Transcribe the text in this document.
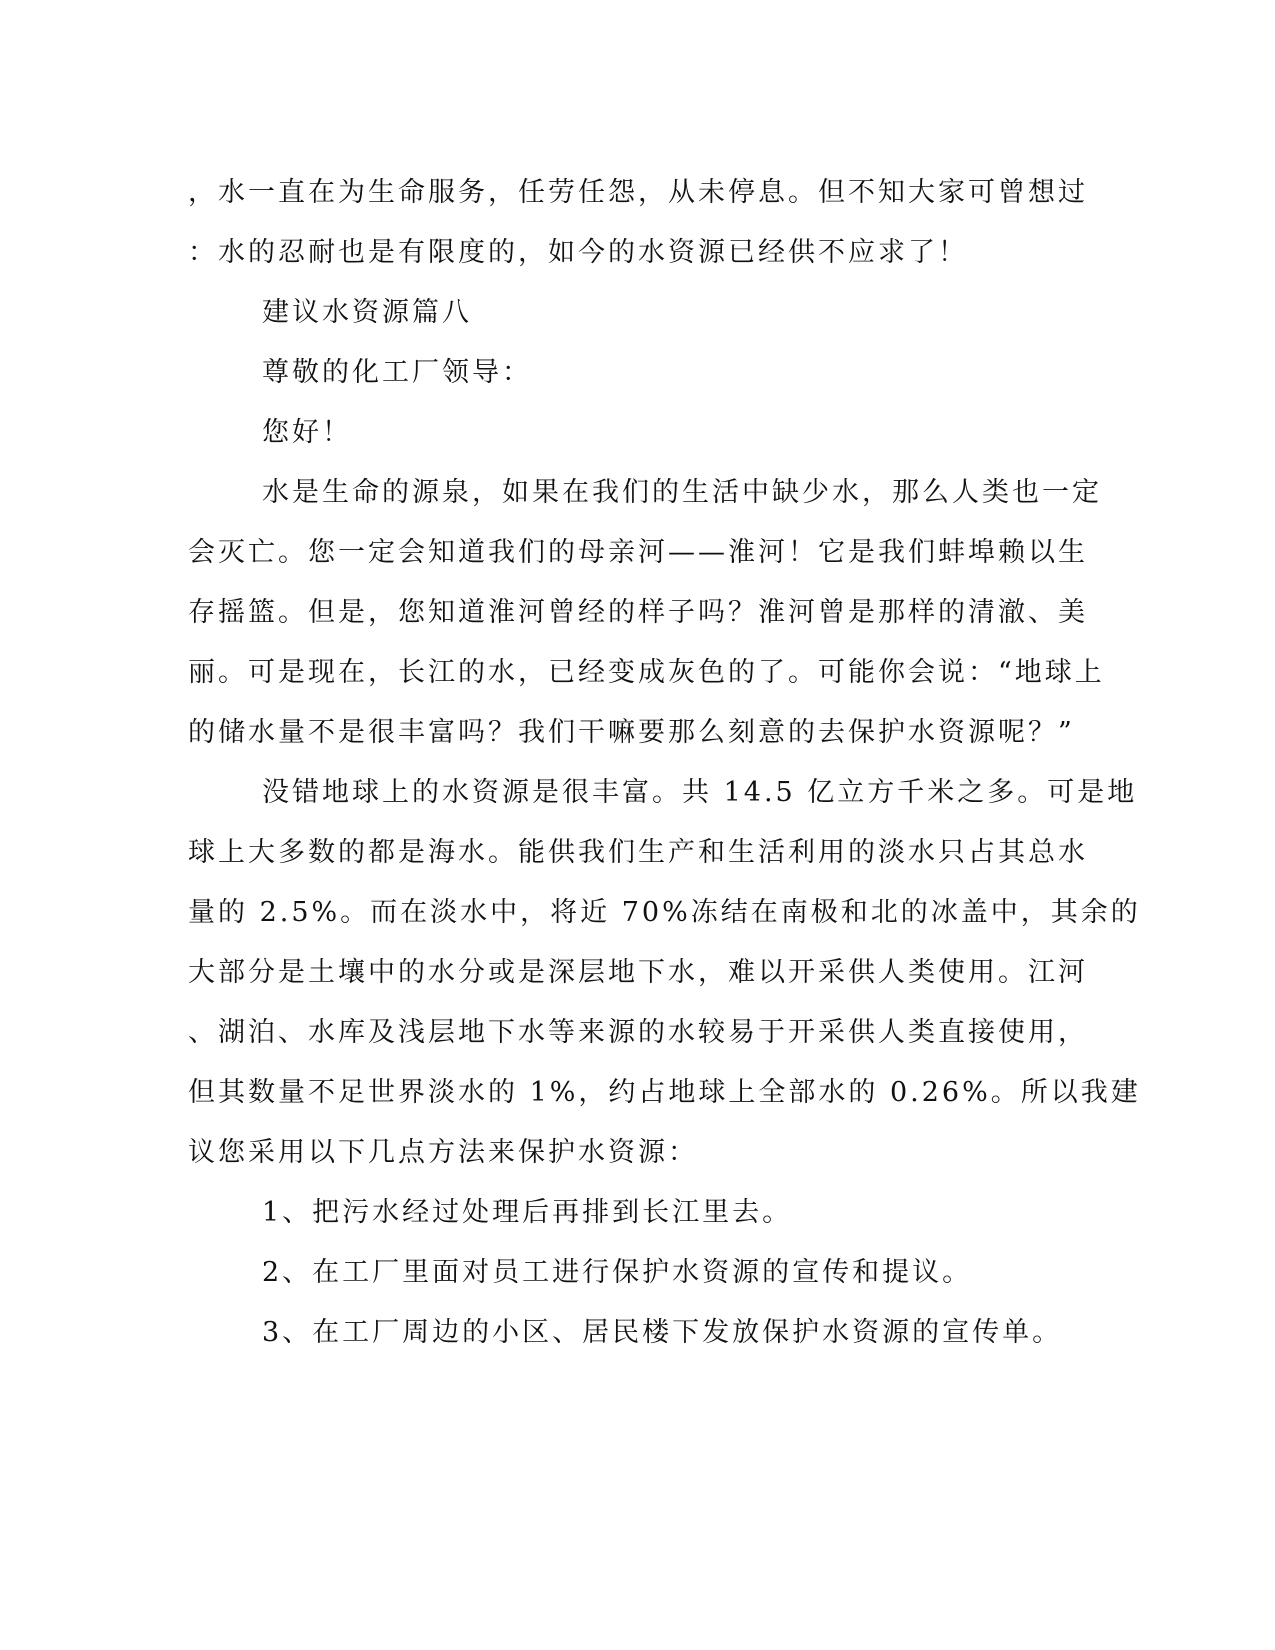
，水一直在为生命服务，任劳任怨，从未停息。但不知大家可曾想过
：水的忍耐也是有限度的，如今的水资源已经供不应求了！
建议水资源篇八
尊敬的化工厂领导：
您好！
水是生命的源泉，如果在我们的生活中缺少水，那么人类也一定
会灭亡。您一定会知道我们的母亲河——淮河！它是我们蚌埠赖以生
存摇篮。但是，您知道淮河曾经的样子吗？淮河曾是那样的清澈、美
丽。可是现在，长江的水，已经变成灰色的了。可能你会说：“地球上
的储水量不是很丰富吗？我们干嘛要那么刻意的去保护水资源呢？”
没错地球上的水资源是很丰富。共 14.5 亿立方千米之多。可是地
球上大多数的都是海水。能供我们生产和生活利用的淡水只占其总水
量的 2.5%。而在淡水中，将近 70%冻结在南极和北的冰盖中，其余的
大部分是土壤中的水分或是深层地下水，难以开采供人类使用。江河
、湖泊、水库及浅层地下水等来源的水较易于开采供人类直接使用，
但其数量不足世界淡水的 1%，约占地球上全部水的 0.26%。所以我建
议您采用以下几点方法来保护水资源：
1、把污水经过处理后再排到长江里去。
2、在工厂里面对员工进行保护水资源的宣传和提议。
3、在工厂周边的小区、居民楼下发放保护水资源的宣传单。
